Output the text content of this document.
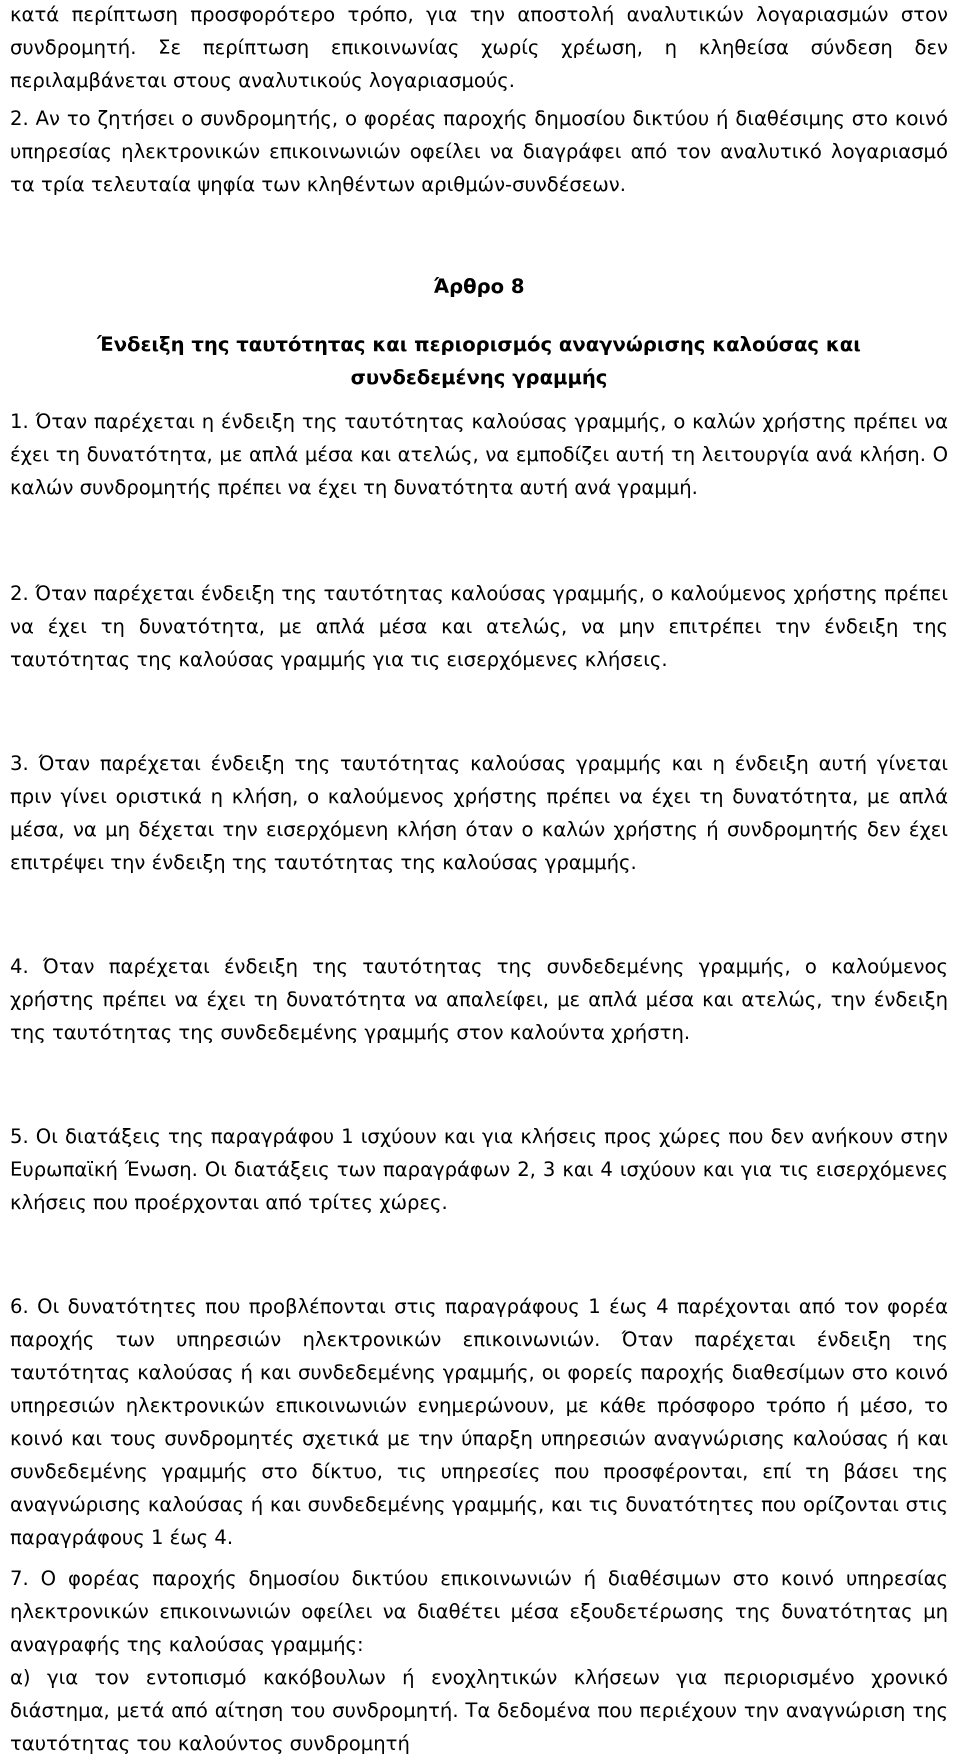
κατά περίπτωση προσφορότερο τρόπο, για την αποστολή αναλυτικών λογαριασμών στον συνδρομητή. Σε περίπτωση επικοινωνίας χωρίς χρέωση, η κληθείσα σύνδεση δεν περιλαμβάνεται στους αναλυτικούς λογαριασμούς.

2. Αν το ζητήσει ο συνδρομητής, ο φορέας παροχής δημοσίου δικτύου ή διαθέσιμης στο κοινό υπηρεσίας ηλεκτρονικών επικοινωνιών οφείλει να διαγράφει από τον αναλυτικό λογαριασμό τα τρία τελευταία ψηφία των κληθέντων αριθμών-συνδέσεων.

Άρθρο 8

Ένδειξη της ταυτότητας και περιορισμός αναγνώρισης καλούσας και συνδεδεμένης γραμμής

1. Όταν παρέχεται η ένδειξη της ταυτότητας καλούσας γραμμής, ο καλών χρήστης πρέπει να έχει τη δυνατότητα, με απλά μέσα και ατελώς, να εμποδίζει αυτή τη λειτουργία ανά κλήση. Ο καλών συνδρομητής πρέπει να έχει τη δυνατότητα αυτή ανά γραμμή.

2. Όταν παρέχεται ένδειξη της ταυτότητας καλούσας γραμμής, ο καλούμενος χρήστης πρέπει να έχει τη δυνατότητα, με απλά μέσα και ατελώς, να μην επιτρέπει την ένδειξη της ταυτότητας της καλούσας γραμμής για τις εισερχόμενες κλήσεις.

3. Όταν παρέχεται ένδειξη της ταυτότητας καλούσας γραμμής και η ένδειξη αυτή γίνεται πριν γίνει οριστικά η κλήση, ο καλούμενος χρήστης πρέπει να έχει τη δυνατότητα, με απλά μέσα, να μη δέχεται την εισερχόμενη κλήση όταν ο καλών χρήστης ή συνδρομητής δεν έχει επιτρέψει την ένδειξη της ταυτότητας της καλούσας γραμμής.

4. Όταν παρέχεται ένδειξη της ταυτότητας της συνδεδεμένης γραμμής, ο καλούμενος χρήστης πρέπει να έχει τη δυνατότητα να απαλείφει, με απλά μέσα και ατελώς, την ένδειξη της ταυτότητας της συνδεδεμένης γραμμής στον καλούντα χρήστη.

5. Οι διατάξεις της παραγράφου 1 ισχύουν και για κλήσεις προς χώρες που δεν ανήκουν στην Ευρωπαϊκή Ένωση. Οι διατάξεις των παραγράφων 2, 3 και 4 ισχύουν και για τις εισερχόμενες κλήσεις που προέρχονται από τρίτες χώρες.

6. Οι δυνατότητες που προβλέπονται στις παραγράφους 1 έως 4 παρέχονται από τον φορέα παροχής των υπηρεσιών ηλεκτρονικών επικοινωνιών. Όταν παρέχεται ένδειξη της ταυτότητας καλούσας ή και συνδεδεμένης γραμμής, οι φορείς παροχής διαθεσίμων στο κοινό υπηρεσιών ηλεκτρονικών επικοινωνιών ενημερώνουν, με κάθε πρόσφορο τρόπο ή μέσο, το κοινό και τους συνδρομητές σχετικά με την ύπαρξη υπηρεσιών αναγνώρισης καλούσας ή και συνδεδεμένης γραμμής στο δίκτυο, τις υπηρεσίες που προσφέρονται, επί τη βάσει της αναγνώρισης καλούσας ή και συνδεδεμένης γραμμής, και τις δυνατότητες που ορίζονται στις παραγράφους 1 έως 4.

7. Ο φορέας παροχής δημοσίου δικτύου επικοινωνιών ή διαθέσιμων στο κοινό υπηρεσίας ηλεκτρονικών επικοινωνιών οφείλει να διαθέτει μέσα εξουδετέρωσης της δυνατότητας μη αναγραφής της καλούσας γραμμής:

α) για τον εντοπισμό κακόβουλων ή ενοχλητικών κλήσεων για περιορισμένο χρονικό διάστημα, μετά από αίτηση του συνδρομητή. Τα δεδομένα που περιέχουν την αναγνώριση της ταυτότητας του καλούντος συνδρομητή
